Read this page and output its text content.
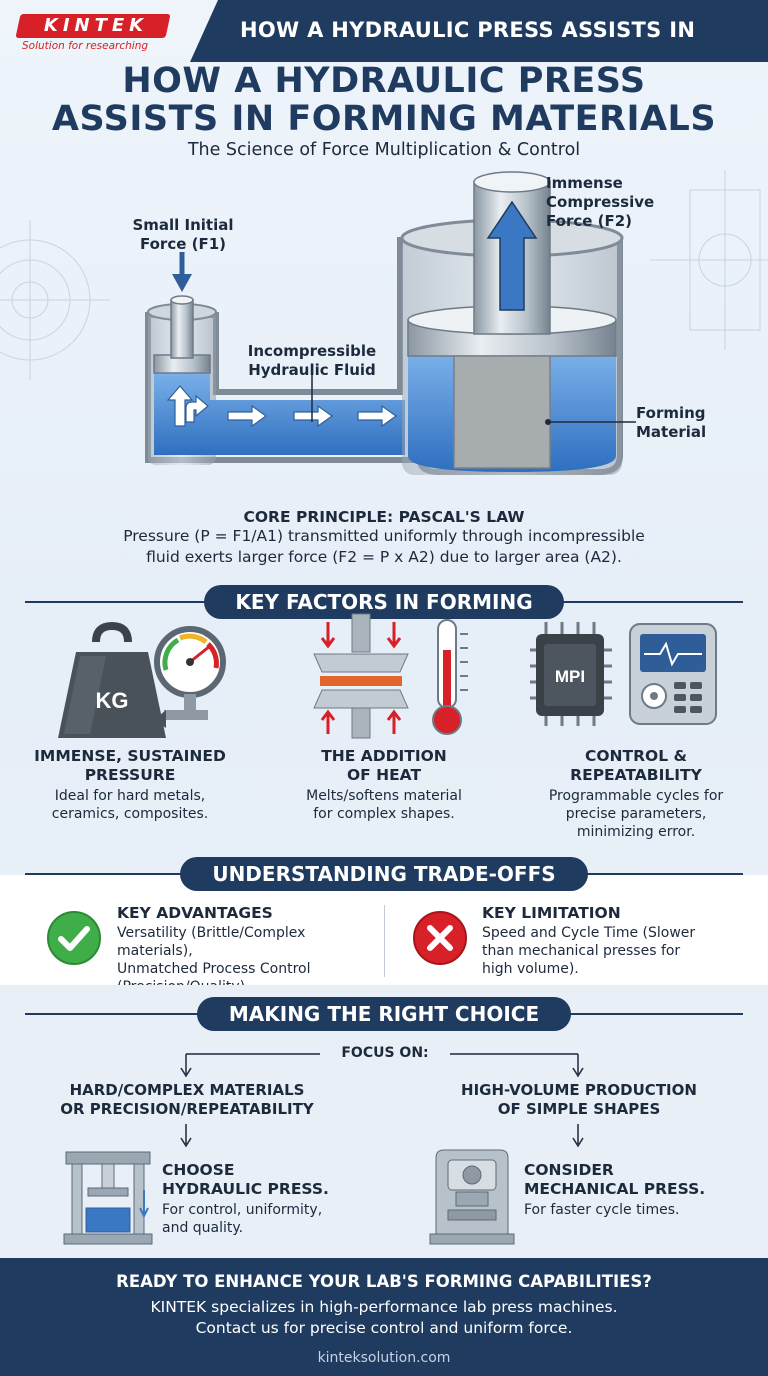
KINTEK
Solution for researching
HOW A HYDRAULIC PRESS ASSISTS IN
HOW A HYDRAULIC PRESS
ASSISTS IN FORMING MATERIALS
The Science of Force Multiplication & Control
Small Initial
Force (F1)
Incompressible
Hydraulic Fluid
Immense
Compressive
Force (F2)
Forming
Material
CORE PRINCIPLE: PASCAL'S LAW
Pressure (P = F1/A1) transmitted uniformly through incompressible
fluid exerts larger force (F2 = P x A2) due to larger area (A2).
KEY FACTORS IN FORMING
KG
IMMENSE, SUSTAINED
PRESSURE
Ideal for hard metals,
ceramics, composites.
THE ADDITION
OF HEAT
Melts/softens material
for complex shapes.
MPI
CONTROL &
REPEATABILITY
Programmable cycles for
precise parameters,
minimizing error.
UNDERSTANDING TRADE-OFFS
KEY ADVANTAGES
Versatility (Brittle/Complex materials),
Unmatched Process Control
KEY LIMITATION
Speed and Cycle Time (Slower
than mechanical presses for
high volume).
MAKING THE RIGHT CHOICE
FOCUS ON:
HARD/COMPLEX MATERIALS
OR PRECISION/REPEATABILITY
HIGH-VOLUME PRODUCTION
OF SIMPLE SHAPES
CHOOSE
HYDRAULIC PRESS.
For control, uniformity,
and quality.
CONSIDER
MECHANICAL PRESS.
For faster cycle times.
READY TO ENHANCE YOUR LAB'S FORMING CAPABILITIES?
KINTEK specializes in high-performance lab press machines.
Contact us for precise control and uniform force.
kinteksolution.com
